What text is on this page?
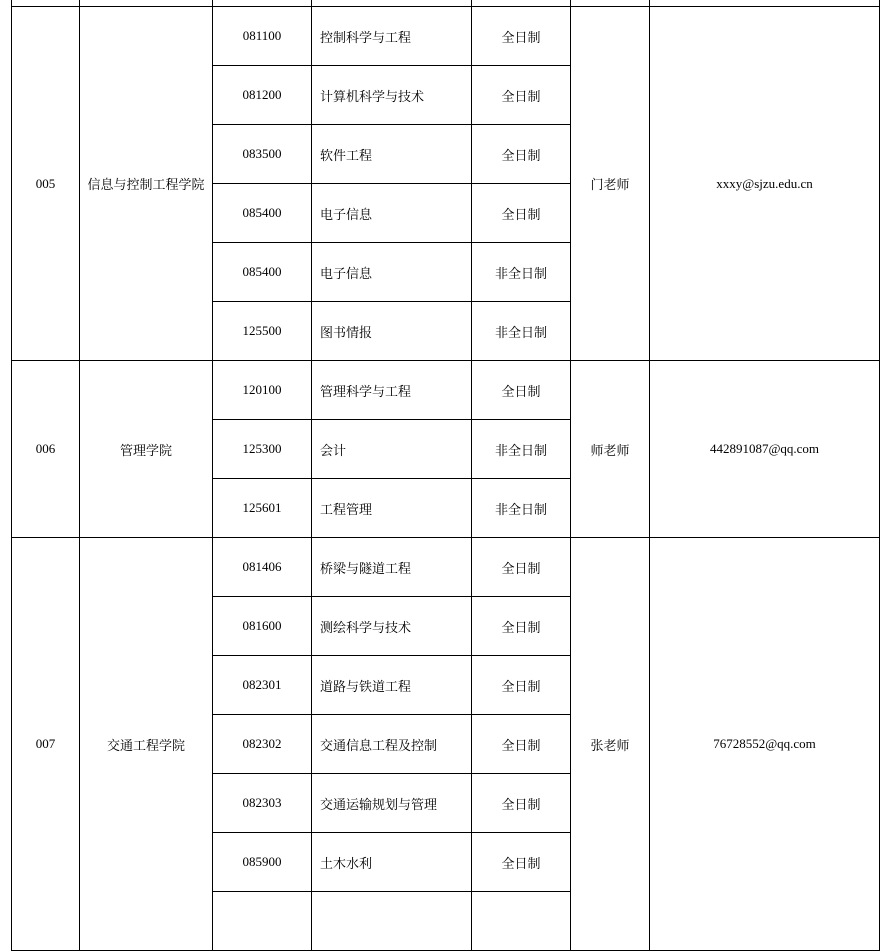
005	信息与控制工程学院	081100	控制科学与工程	全日制	门老师	xxxy@sjzu.edu.cn
		081200	计算机科学与技术	全日制		
		083500	软件工程	全日制		
		085400	电子信息	全日制		
		085400	电子信息	非全日制		
		125500	图书情报	非全日制		
006	管理学院	120100	管理科学与工程	全日制	师老师	442891087@qq.com
		125300	会计	非全日制		
		125601	工程管理	非全日制		
007	交通工程学院	081406	桥梁与隧道工程	全日制	张老师	76728552@qq.com
		081600	测绘科学与技术	全日制		
		082301	道路与铁道工程	全日制		
		082302	交通信息工程及控制	全日制		
		082303	交通运输规划与管理	全日制		
		085900	土木水利	全日制		
